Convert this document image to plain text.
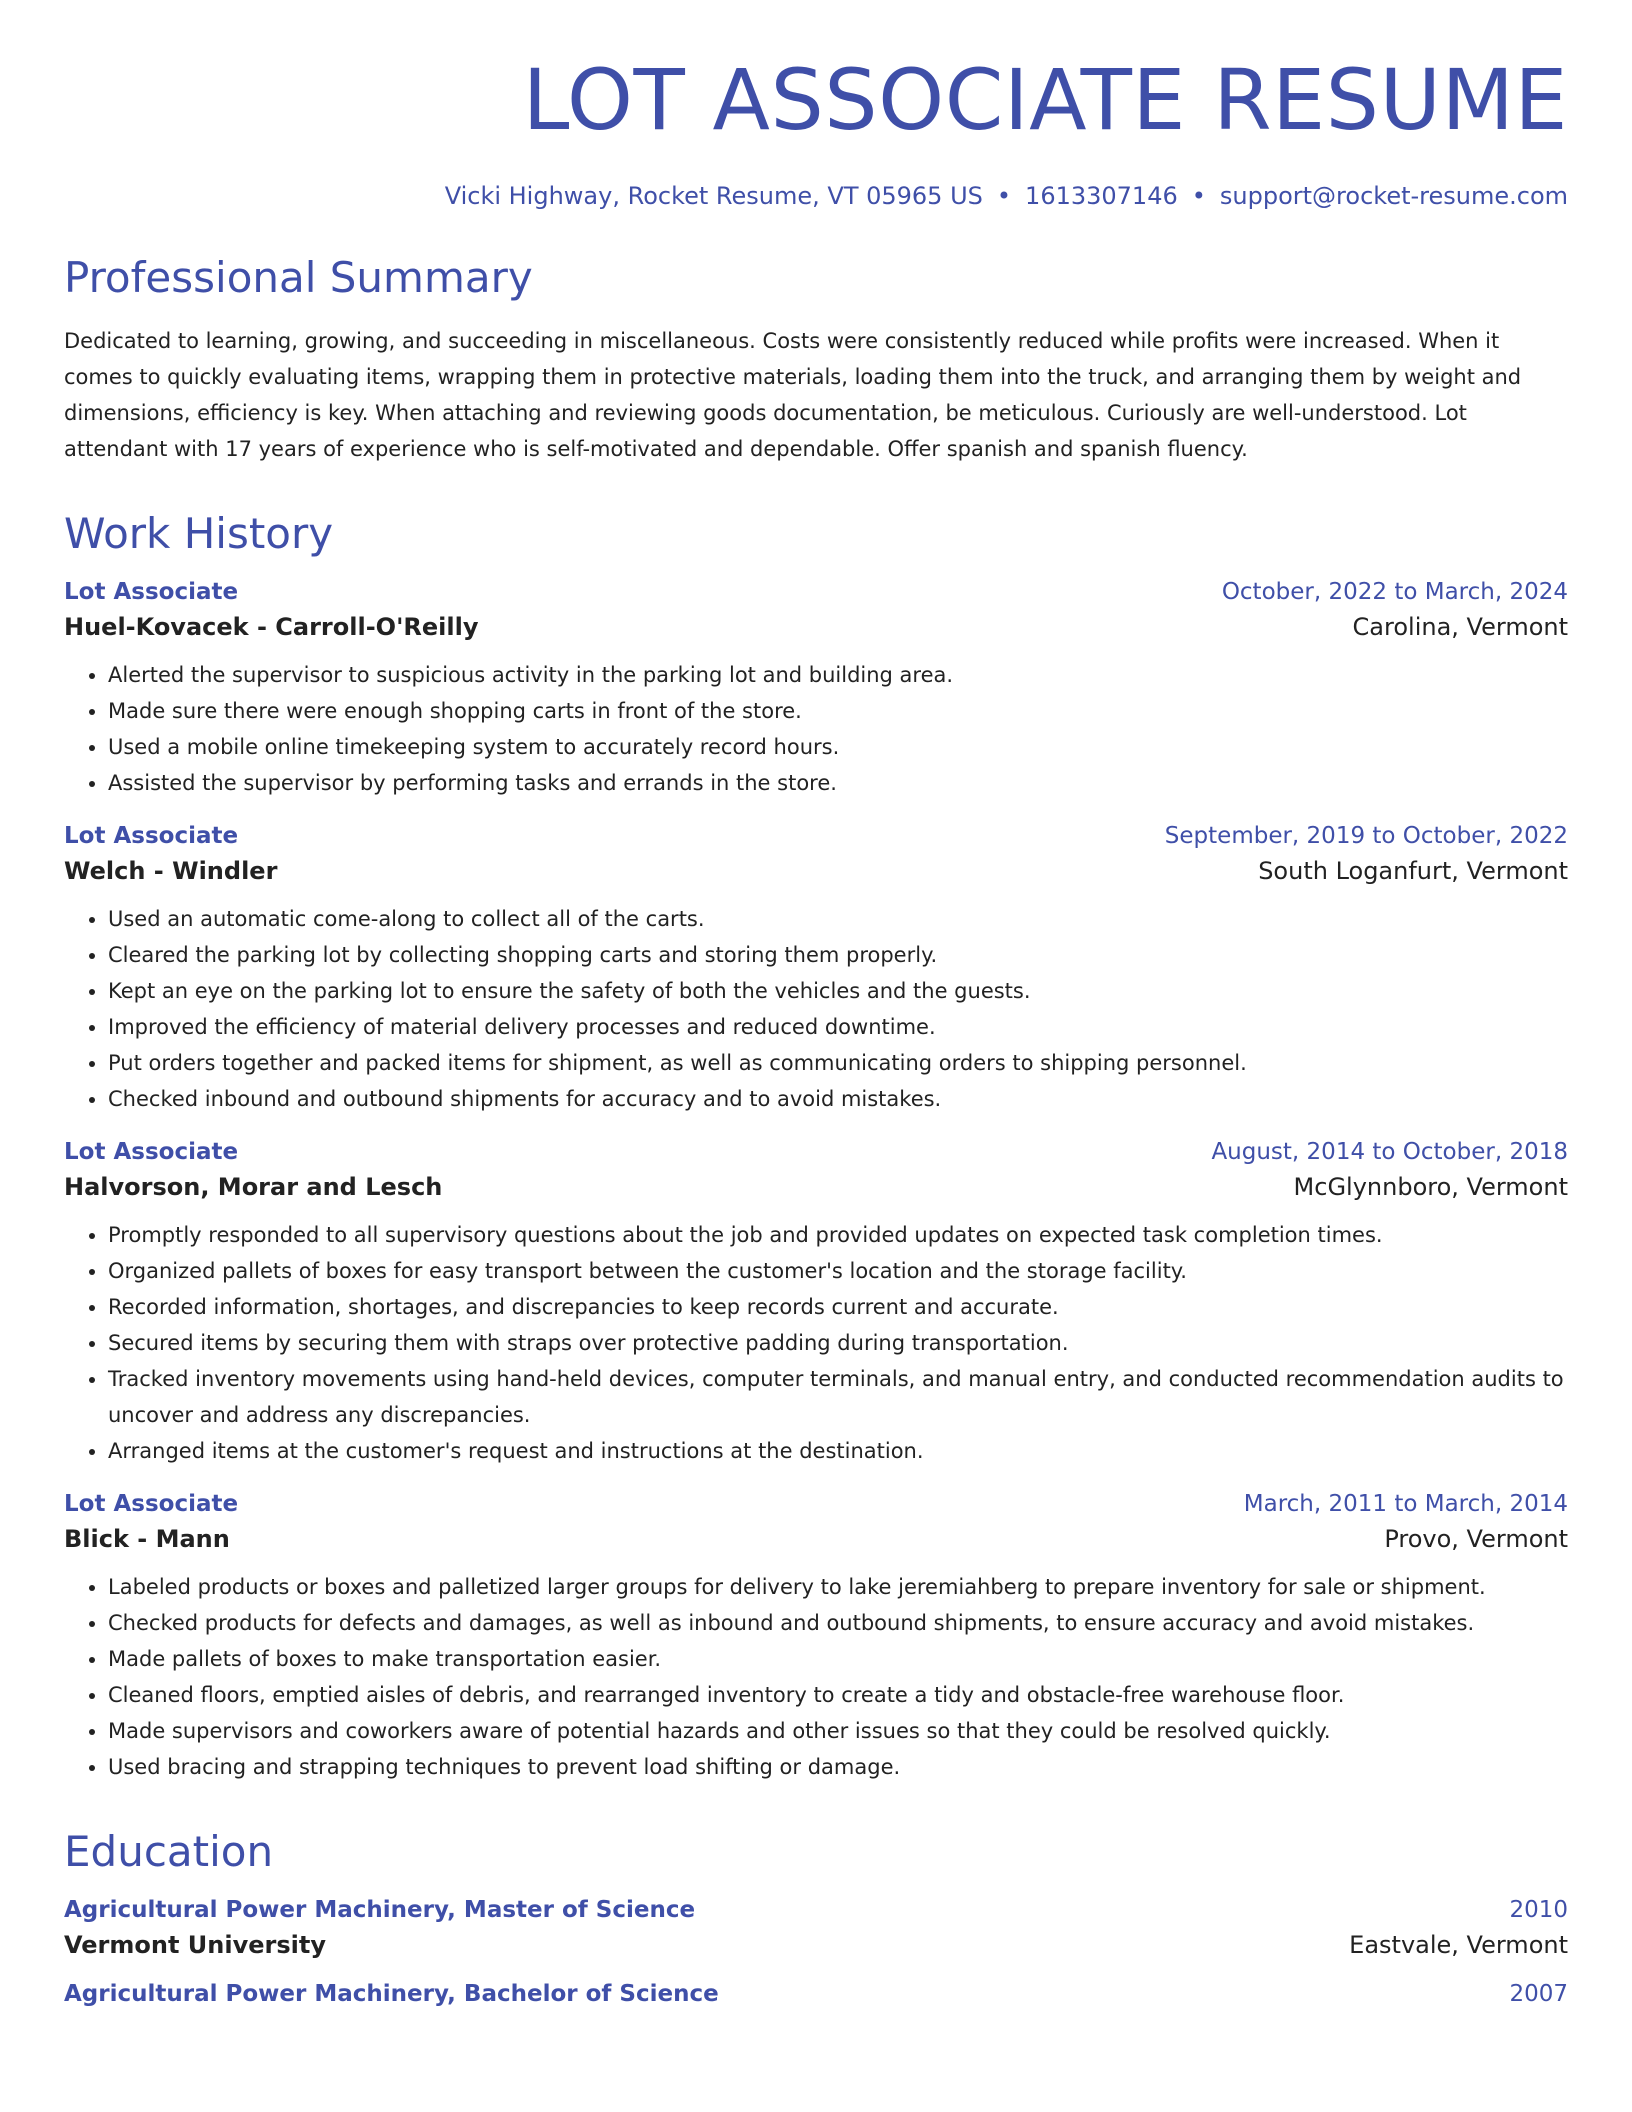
LOT ASSOCIATE RESUME
Vicki Highway, Rocket Resume, VT 05965 US • 1613307146 • support@rocket-resume.com
Professional Summary
Dedicated to learning, growing, and succeeding in miscellaneous. Costs were consistently reduced while profits were increased. When it comes to quickly evaluating items, wrapping them in protective materials, loading them into the truck, and arranging them by weight and dimensions, efficiency is key. When attaching and reviewing goods documentation, be meticulous. Curiously are well-understood. Lot attendant with 17 years of experience who is self-motivated and dependable. Offer spanish and spanish fluency.
Work History
Lot Associate	October, 2022 to March, 2024
Huel-Kovacek - Carroll-O'Reilly	Carolina, Vermont
• Alerted the supervisor to suspicious activity in the parking lot and building area.
• Made sure there were enough shopping carts in front of the store.
• Used a mobile online timekeeping system to accurately record hours.
• Assisted the supervisor by performing tasks and errands in the store.
Lot Associate	September, 2019 to October, 2022
Welch - Windler	South Loganfurt, Vermont
• Used an automatic come-along to collect all of the carts.
• Cleared the parking lot by collecting shopping carts and storing them properly.
• Kept an eye on the parking lot to ensure the safety of both the vehicles and the guests.
• Improved the efficiency of material delivery processes and reduced downtime.
• Put orders together and packed items for shipment, as well as communicating orders to shipping personnel.
• Checked inbound and outbound shipments for accuracy and to avoid mistakes.
Lot Associate	August, 2014 to October, 2018
Halvorson, Morar and Lesch	McGlynnboro, Vermont
• Promptly responded to all supervisory questions about the job and provided updates on expected task completion times.
• Organized pallets of boxes for easy transport between the customer's location and the storage facility.
• Recorded information, shortages, and discrepancies to keep records current and accurate.
• Secured items by securing them with straps over protective padding during transportation.
• Tracked inventory movements using hand-held devices, computer terminals, and manual entry, and conducted recommendation audits to uncover and address any discrepancies.
• Arranged items at the customer's request and instructions at the destination.
Lot Associate	March, 2011 to March, 2014
Blick - Mann	Provo, Vermont
• Labeled products or boxes and palletized larger groups for delivery to lake jeremiahberg to prepare inventory for sale or shipment.
• Checked products for defects and damages, as well as inbound and outbound shipments, to ensure accuracy and avoid mistakes.
• Made pallets of boxes to make transportation easier.
• Cleaned floors, emptied aisles of debris, and rearranged inventory to create a tidy and obstacle-free warehouse floor.
• Made supervisors and coworkers aware of potential hazards and other issues so that they could be resolved quickly.
• Used bracing and strapping techniques to prevent load shifting or damage.
Education
Agricultural Power Machinery, Master of Science	2010
Vermont University	Eastvale, Vermont
Agricultural Power Machinery, Bachelor of Science	2007
